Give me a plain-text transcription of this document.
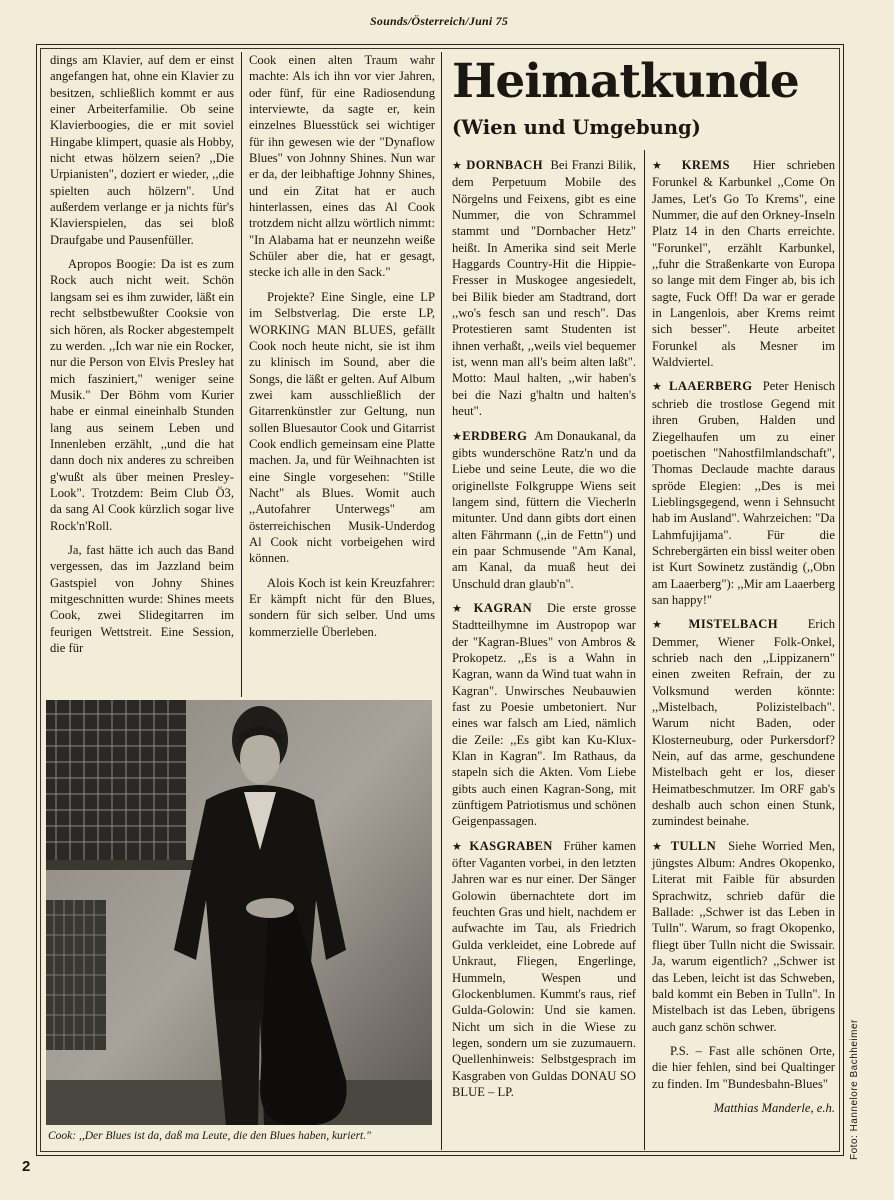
Sounds/Österreich/Juni 75

dings am Klavier, auf dem er einst angefangen hat, ohne ein Klavier zu besitzen, schließlich kommt er aus einer Arbeiterfamilie. Ob seine Klavierboogies, die er mit soviel Hingabe klimpert, quasie als Hobby, nicht etwas hölzern seien? ,,Die Urpianisten", doziert er wieder, ,,die spielten auch hölzern". Und außerdem verlange er ja nichts für's Klavierspielen, das sei bloß Draufgabe und Pausenfüller.

Apropos Boogie: Da ist es zum Rock auch nicht weit. Schön langsam sei es ihm zuwider, läßt ein recht selbstbewußter Cooksie von sich hören, als Rocker abgestempelt zu werden. ,,Ich war nie ein Rocker, nur die Person von Elvis Presley hat mich fasziniert," weniger seine Musik." Der Böhm vom Kurier habe er einmal eineinhalb Stunden lang aus seinem Leben und Innenleben erzählt, ,,und die hat dann doch nix anderes zu schreiben g'wußt als über meinen Presley-Look". Trotzdem: Beim Club Ö3, da sang Al Cook kürzlich sogar live Rock'n'Roll.

Ja, fast hätte ich auch das Band vergessen, das im Jazzland beim Gastspiel von Johny Shines mitgeschnitten wurde: Shines meets Cook, zwei Slidegitarren im feurigen Wettstreit. Eine Session, die für

Cook einen alten Traum wahr machte: Als ich ihn vor vier Jahren, oder fünf, für eine Radiosendung interviewte, da sagte er, kein einzelnes Bluesstück sei wichtiger für ihn gewesen wie der "Dynaflow Blues" von Johnny Shines. Nun war er da, der leibhaftige Johnny Shines, und ein Zitat hat er auch hinterlassen, eines das Al Cook trotzdem nicht allzu wörtlich nimmt: "In Alabama hat er neunzehn weiße Schüler aber die, hat er gesagt, stecke ich alle in den Sack."

Projekte? Eine Single, eine LP im Selbstverlag. Die erste LP, WORKING MAN BLUES, gefällt Cook noch heute nicht, sie ist ihm zu klinisch im Sound, aber die Songs, die läßt er gelten. Auf Album zwei kam ausschließlich der Gitarrenkünstler zur Geltung, nun sollen Bluesautor Cook und Gitarrist Cook endlich gemeinsam eine Platte machen. Ja, und für Weihnachten ist eine Single vorgesehen: "Stille Nacht" als Blues. Womit auch ,,Autofahrer Unterwegs" am österreichischen Musik-Underdog Al Cook nicht vorbeigehen wird können.

Alois Koch ist kein Kreuzfahrer: Er kämpft nicht für den Blues, sondern für sich selber. Und ums kommerzielle Überleben.

Heimatkunde
(Wien und Umgebung)

★ DORNBACH Bei Franzi Bilik, dem Perpetuum Mobile des Nörgelns und Feixens, gibt es eine Nummer, die von Schrammel stammt und "Dornbacher Hetz" heißt. In Amerika sind seit Merle Haggards Country-Hit die Hippie-Fresser in Muskogee angesiedelt, bei Bilik bieder am Stadtrand, dort ,,wo's fesch san und resch". Das Protestieren samt Studenten ist ihnen verhaßt, ,,weils viel bequemer ist, wenn man all's beim alten laßt". Motto: Maul halten, ,,wir haben's bei die Nazi g'haltn und halten's heut".

★ERDBERG Am Donaukanal, da gibts wunderschöne Ratz'n und da Liebe und seine Leute, die wo die originellste Folkgruppe Wiens seit langem sind, füttern die Viecherln mitunter. Und dann gibts dort einen alten Fährmann (,,in de Fettn") und ein paar Schmusende "Am Kanal, am Kanal, da muaß heut dei Unschuld dran glaub'n".

★ KAGRAN Die erste grosse Stadtteilhymne im Austropop war der "Kagran-Blues" von Ambros & Prokopetz. ,,Es is a Wahn in Kagran, wann da Wind tuat wahn in Kagran". Unwirsches Neubauwien fast zu Poesie umbetoniert. Nur eines war falsch am Lied, nämlich die Zeile: ,,Es gibt kan Ku-Klux-Klan in Kagran". Im Rathaus, da stapeln sich die Akten. Vom Liebe gibts auch einen Kagran-Song, mit zünftigem Patriotismus und schönen Geigenpassagen.

★ KASGRABEN Früher kamen öfter Vaganten vorbei, in den letzten Jahren war es nur einer. Der Sänger Golowin übernachtete dort im feuchten Gras und hielt, nachdem er aufwachte im Tau, als Friedrich Gulda verkleidet, eine Lobrede auf Unkraut, Fliegen, Engerlinge, Hummeln, Wespen und Glockenblumen. Kummt's raus, rief Gulda-Golowin: Und sie kamen. Nicht um sich in die Wiese zu legen, sondern um sie zuzumauern. Quellenhinweis: Selbstgesprach im Kasgraben von Guldas DONAU SO BLUE – LP.

★ KREMS Hier schrieben Forunkel & Karbunkel ,,Come On James, Let's Go To Krems", eine Nummer, die auf den Orkney-Inseln Platz 14 in den Charts erreichte. "Forunkel", erzählt Karbunkel, ,,fuhr die Straßenkarte von Europa so lange mit dem Finger ab, bis ich sagte, Fuck Off! Da war er gerade in Langenlois, aber Krems reimt sich besser". Heute arbeitet Forunkel als Mesner im Waldviertel.

★ LAAERBERG Peter Henisch schrieb die trostlose Gegend mit ihren Gruben, Halden und Ziegelhaufen um zu einer poetischen "Nahostfilmlandschaft", Thomas Declaude machte daraus spröde Elegien: ,,Des is mei Lieblingsgegend, wenn i Sehnsucht hab im Ausland". Wahrzeichen: "Da Lahmfujijama". Für die Schrebergärten ein bissl weiter oben ist Kurt Sowinetz zuständig (,,Obn am Laaerberg"): ,,Mir am Laaerberg san happy!"

★ MISTELBACH Erich Demmer, Wiener Folk-Onkel, schrieb nach den ,,Lippizanern" einen zweiten Refrain, der zu Volksmund werden könnte: ,,Mistelbach, Polizistelbach". Warum nicht Baden, oder Klosterneuburg, oder Purkersdorf? Nein, auf das arme, geschundene Mistelbach geht er los, dieser Heimatbeschmutzer. Im ORF gab's deshalb auch schon einen Stunk, zumindest beinahe.

★ TULLN Siehe Worried Men, jüngstes Album: Andres Okopenko, Literat mit Faible für absurden Sprachwitz, schrieb dafür die Ballade: ,,Schwer ist das Leben in Tulln". Warum, so fragt Okopenko, fliegt über Tulln nicht die Swissair. Ja, warum eigentlich? ,,Schwer ist das Leben, leicht ist das Schweben, bald kommt ein Beben in Tulln". In Mistelbach ist das Leben, übrigens auch ganz schön schwer.

P.S. – Fast alle schönen Orte, die hier fehlen, sind bei Qualtinger zu finden. Im "Bundesbahn-Blues"

Matthias Manderle, e.h.

Cook: ,,Der Blues ist da, daß ma Leute, die den Blues haben, kuriert."
2
Foto: Hannelore Bachheimer
